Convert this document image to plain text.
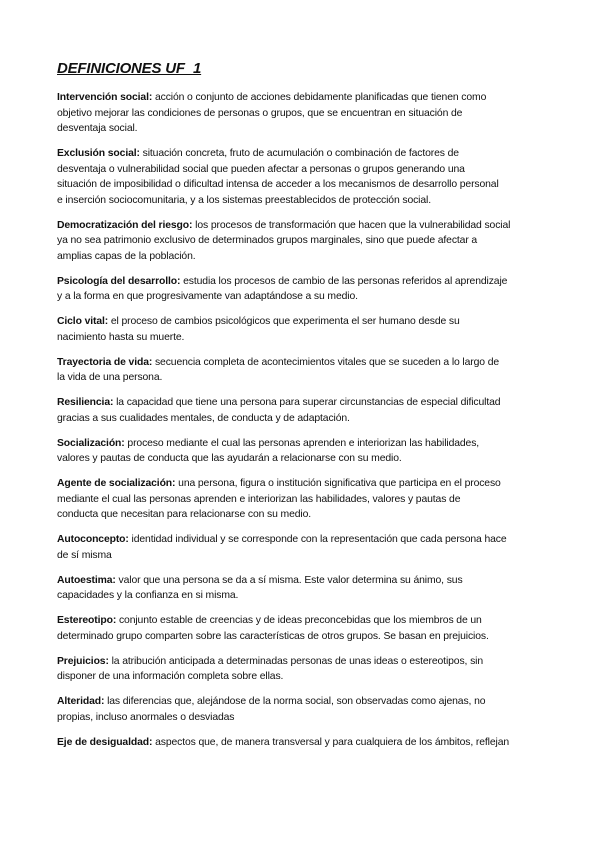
DEFINICIONES UF_1
Intervención social: acción o conjunto de acciones debidamente planificadas que tienen como
objetivo mejorar las condiciones de personas o grupos, que se encuentran en situación de
desventaja social.
Exclusión social: situación concreta, fruto de acumulación o combinación de factores de
desventaja o vulnerabilidad social que pueden afectar a personas o grupos generando una
situación de imposibilidad o dificultad intensa de acceder a los mecanismos de desarrollo personal
e inserción sociocomunitaria, y a los sistemas preestablecidos de protección social.
Democratización del riesgo: los procesos de transformación que hacen que la vulnerabilidad social
ya no sea patrimonio exclusivo de determinados grupos marginales, sino que puede afectar a
amplias capas de la población.
Psicología del desarrollo: estudia los procesos de cambio de las personas referidos al aprendizaje
y a la forma en que progresivamente van adaptándose a su medio.
Ciclo vital: el proceso de cambios psicológicos que experimenta el ser humano desde su
nacimiento hasta su muerte.
Trayectoria de vida: secuencia completa de acontecimientos vitales que se suceden a lo largo de
la vida de una persona.
Resiliencia: la capacidad que tiene una persona para superar circunstancias de especial dificultad
gracias a sus cualidades mentales, de conducta y de adaptación.
Socialización: proceso mediante el cual las personas aprenden e interiorizan las habilidades,
valores y pautas de conducta que las ayudarán a relacionarse con su medio.
Agente de socialización: una persona, figura o institución significativa que participa en el proceso
mediante el cual las personas aprenden e interiorizan las habilidades, valores y pautas de
conducta que necesitan para relacionarse con su medio.
Autoconcepto: identidad individual y se corresponde con la representación que cada persona hace
de sí misma
Autoestima: valor que una persona se da a sí misma. Este valor determina su ánimo, sus
capacidades y la confianza en si misma.
Estereotipo: conjunto estable de creencias y de ideas preconcebidas que los miembros de un
determinado grupo comparten sobre las características de otros grupos. Se basan en prejuicios.
Prejuicios: la atribución anticipada a determinadas personas de unas ideas o estereotipos, sin
disponer de una información completa sobre ellas.
Alteridad: las diferencias que, alejándose de la norma social, son observadas como ajenas, no
propias, incluso anormales o desviadas
Eje de desigualdad: aspectos que, de manera transversal y para cualquiera de los ámbitos, reflejan
